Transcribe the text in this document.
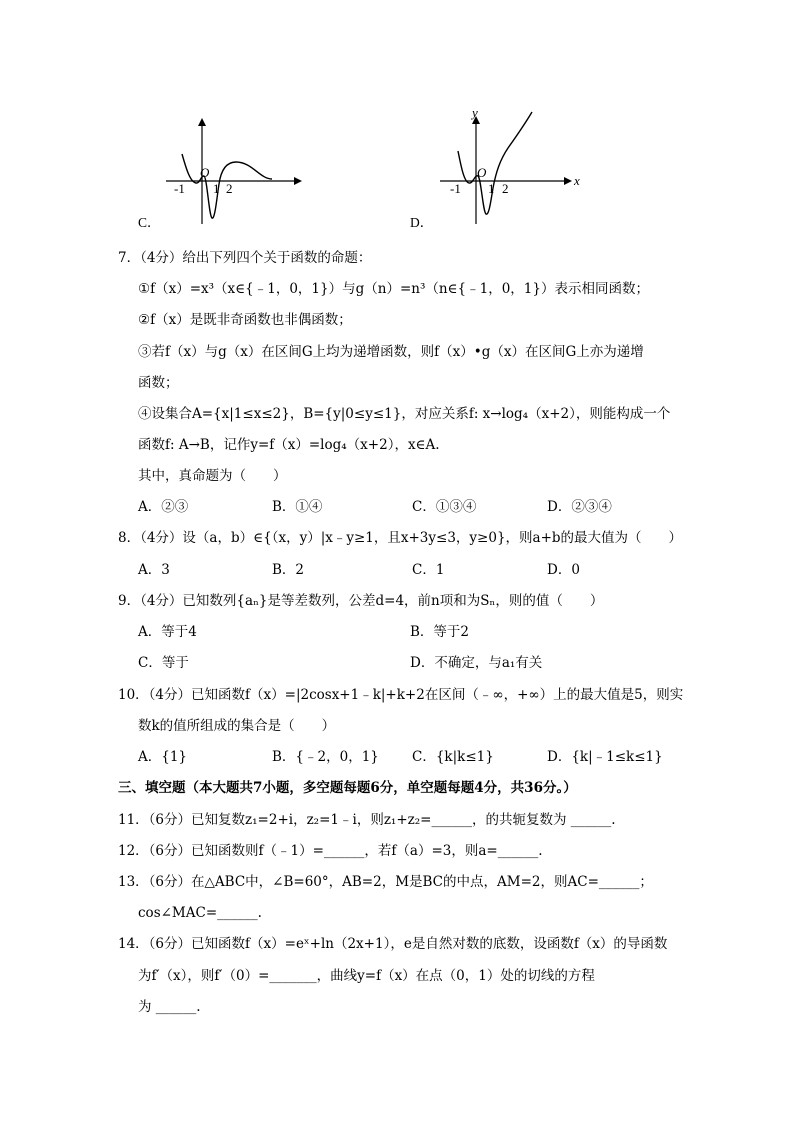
O
-1 1 2
C．
y
O
x
-1 1 2
D．
7．（4分）给出下列四个关于函数的命题：
①f（x）=x³（x∈{﹣1，0，1}）与g（n）=n³（n∈{﹣1，0，1}）表示相同函数；
②f（x）是既非奇函数也非偶函数；
③若f（x）与g（x）在区间G上均为递增函数，则f（x）•g（x）在区间G上亦为递增
函数；
④设集合A={x|1≤x≤2}，B={y|0≤y≤1}，对应关系f: x→log₄（x+2），则能构成一个
函数f: A→B，记作y=f（x）=log₄（x+2），x∈A.
其中，真命题为（　　）
A．②③	B．①④	C．①③④	D．②③④
8．（4分）设（a，b）∈{（x，y）|x﹣y≥1，且x+3y≤3，y≥0}，则a+b的最大值为（　　）
A．3	B．2	C．1	D．0
9．（4分）已知数列{aₙ}是等差数列，公差d=4，前n项和为Sₙ，则的值（　　）
A．等于4	B．等于2
C．等于	D．不确定，与a₁有关
10．（4分）已知函数f（x）=|2cosx+1﹣k|+k+2在区间（﹣∞，+∞）上的最大值是5，则实
数k的值所组成的集合是（　　）
A．{1}	B．{﹣2，0，1} C．{k|k≤1}	D．{k|﹣1≤k≤1}
三、填空题（本大题共7小题，多空题每题6分，单空题每题4分，共36分。）
11．（6分）已知复数z₁=2+i，z₂=1﹣i，则z₁+z₂=______，的共轭复数为 ______.
12．（6分）已知函数则f（﹣1）=______，若f（a）=3，则a=______.
13．（6分）在△ABC中，∠B=60°，AB=2，M是BC的中点，AM=2，则AC=______；
cos∠MAC=______.
14．（6分）已知函数f（x）=eˣ+ln（2x+1），e是自然对数的底数，设函数f（x）的导函数
为f′（x），则f′（0）=_______，曲线y=f（x）在点（0，1）处的切线的方程
为 ______.
